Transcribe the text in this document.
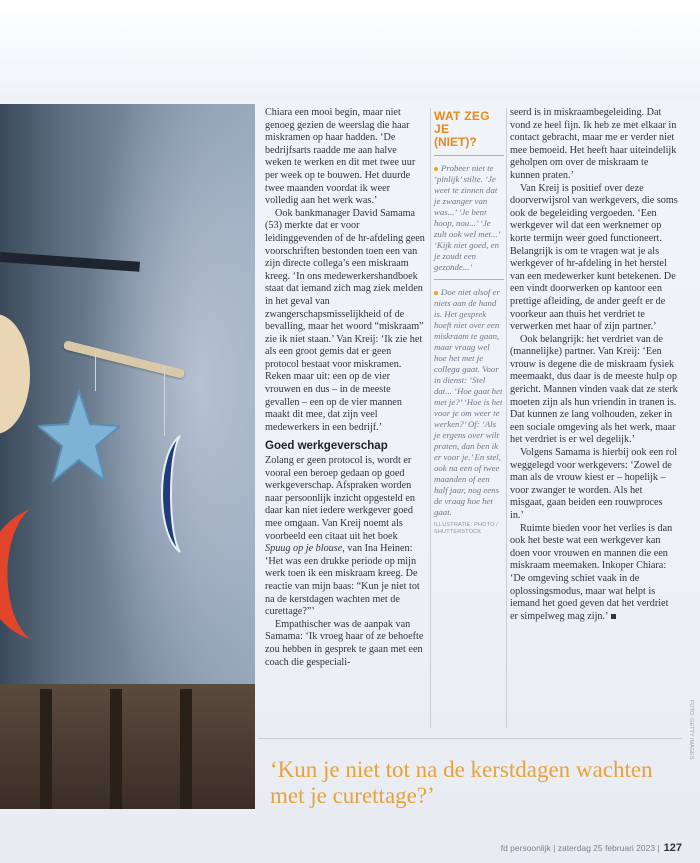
Chiara een mooi begin, maar niet genoeg gezien de weerslag die haar miskramen op haar hadden. ‘De bedrijfsarts raadde me aan halve weken te werken en dit met twee uur per week op te bouwen. Het duurde twee maanden voordat ik weer volledig aan het werk was.’

Ook bankmanager David Samama (53) merkte dat er voor leidinggevenden of de hr-afdeling geen voorschriften bestonden toen een van zijn directe collega’s een miskraam kreeg. ‘In ons medewerkershandboek staat dat iemand zich mag ziek melden in het geval van zwangerschapsmisselijkheid of de bevalling, maar het woord “miskraam” zie ik niet staan.’ Van Kreij: ‘Ik zie het als een groot gemis dat er geen protocol bestaat voor miskramen. Reken maar uit: een op de vier vrouwen en dus – in de meeste gevallen – een op de vier mannen maakt dit mee, dat zijn veel medewerkers in een bedrijf.’

Goed werkgeverschap

Zolang er geen protocol is, wordt er vooral een beroep gedaan op goed werkgeverschap. Afspraken worden naar persoonlijk inzicht opgesteld en daar kan niet iedere werkgever goed mee omgaan. Van Kreij noemt als voorbeeld een citaat uit het boek Spuug op je blouse, van Ina Heinen: ‘Het was een drukke periode op mijn werk toen ik een miskraam kreeg. De reactie van mijn baas: “Kun je niet tot na de kerstdagen wachten met de curettage?”’

Empathischer was de aanpak van Samama: ‘Ik vroeg haar of ze behoefte zou hebben in gesprek te gaan met een coach die gespeciali-

WAT ZEG JE
(NIET)?
Probeer niet te ‘pinlijk’ stilte. ‘Je weet te zinnen dat je zwanger van was...’ ‘Je bent hoop, nou...’ ‘Je zult ook wel met...’ ‘Kijk niet goed, en je zoudt een gezonde...’
Doe niet alsof er niets aan de hand is. Het gesprek hoeft niet over een miskraam te gaan, maar vraag wel hoe het met je collega gaat. Voor in dienst: ‘Stel dat... ‘Hoe gaat het met je?’ ‘Hoe is het voor je om weer te werken?’ Of: ‘Als je ergens over wilt praten, dan ben ik er voor je.’ En stel, ook na een of twee maanden of een half jaar, nog eens de vraag hoe het gaat.
ILLUSTRATIE: PHOTO / SHUTTERSTOCK

seerd is in miskraambegeleiding. Dat vond ze heel fijn. Ik heb ze met elkaar in contact gebracht, maar me er verder niet mee bemoeid. Het heeft haar uiteindelijk geholpen om over de miskraam te kunnen praten.’

Van Kreij is positief over deze doorverwijsrol van werkgevers, die soms ook de begeleiding vergoeden. ‘Een werkgever wil dat een werknemer op korte termijn weer goed functioneert. Belangrijk is om te vragen wat je als werkgever of hr-afdeling in het herstel van een medewerker kunt betekenen. De een vindt doorwerken op kantoor een prettige afleiding, de ander geeft er de voorkeur aan thuis het verdriet te verwerken met haar of zijn partner.’

Ook belangrijk: het verdriet van de (mannelijke) partner. Van Kreij: ‘Een vrouw is degene die de miskraam fysiek meemaakt, dus daar is de meeste hulp op gericht. Mannen vinden vaak dat ze sterk moeten zijn als hun vriendin in tranen is. Dat kunnen ze lang volhouden, zeker in een sociale omgeving als het werk, maar het verdriet is er wel degelijk.’

Volgens Samama is hierbij ook een rol weggelegd voor werkgevers: ‘Zowel de man als de vrouw kiest er – hopelijk – voor zwanger te worden. Als het misgaat, gaan beiden een rouwproces in.’

Ruimte bieden voor het verlies is dan ook het beste wat een werkgever kan doen voor vrouwen en mannen die een miskraam meemaken. Inkoper Chiara: ‘De omgeving schiet vaak in de oplossingsmodus, maar wat helpt is iemand het goed geven dat het verdriet er simpelweg mag zijn.’

‘Kun je niet tot na de kerstdagen wachten met je curettage?’
FOTO: GETTY IMAGES
fd persoonlijk | zaterdag 25 februari 2023 | 127
